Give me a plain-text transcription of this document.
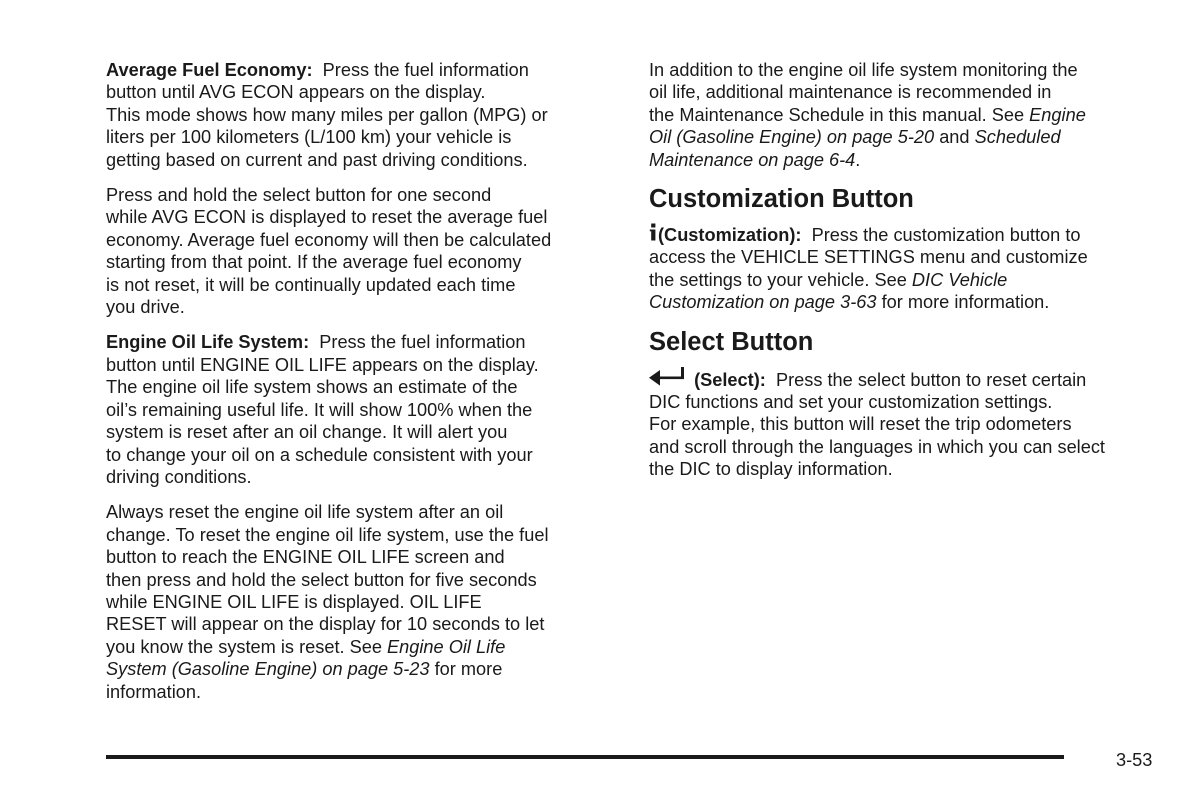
Average Fuel Economy: Press the fuel information
button until AVG ECON appears on the display.
This mode shows how many miles per gallon (MPG) or
liters per 100 kilometers (L/100 km) your vehicle is
getting based on current and past driving conditions.

Press and hold the select button for one second
while AVG ECON is displayed to reset the average fuel
economy. Average fuel economy will then be calculated
starting from that point. If the average fuel economy
is not reset, it will be continually updated each time
you drive.

Engine Oil Life System: Press the fuel information
button until ENGINE OIL LIFE appears on the display.
The engine oil life system shows an estimate of the
oil’s remaining useful life. It will show 100% when the
system is reset after an oil change. It will alert you
to change your oil on a schedule consistent with your
driving conditions.

Always reset the engine oil life system after an oil
change. To reset the engine oil life system, use the fuel
button to reach the ENGINE OIL LIFE screen and
then press and hold the select button for five seconds
while ENGINE OIL LIFE is displayed. OIL LIFE
RESET will appear on the display for 10 seconds to let
you know the system is reset. See Engine Oil Life
System (Gasoline Engine) on page 5-23 for more
information.

In addition to the engine oil life system monitoring the
oil life, additional maintenance is recommended in
the Maintenance Schedule in this manual. See Engine
Oil (Gasoline Engine) on page 5-20 and Scheduled
Maintenance on page 6-4.

Customization Button

(Customization): Press the customization button to
access the VEHICLE SETTINGS menu and customize
the settings to your vehicle. See DIC Vehicle
Customization on page 3-63 for more information.

Select Button

(Select): Press the select button to reset certain
DIC functions and set your customization settings.
For example, this button will reset the trip odometers
and scroll through the languages in which you can select
the DIC to display information.

3-53
